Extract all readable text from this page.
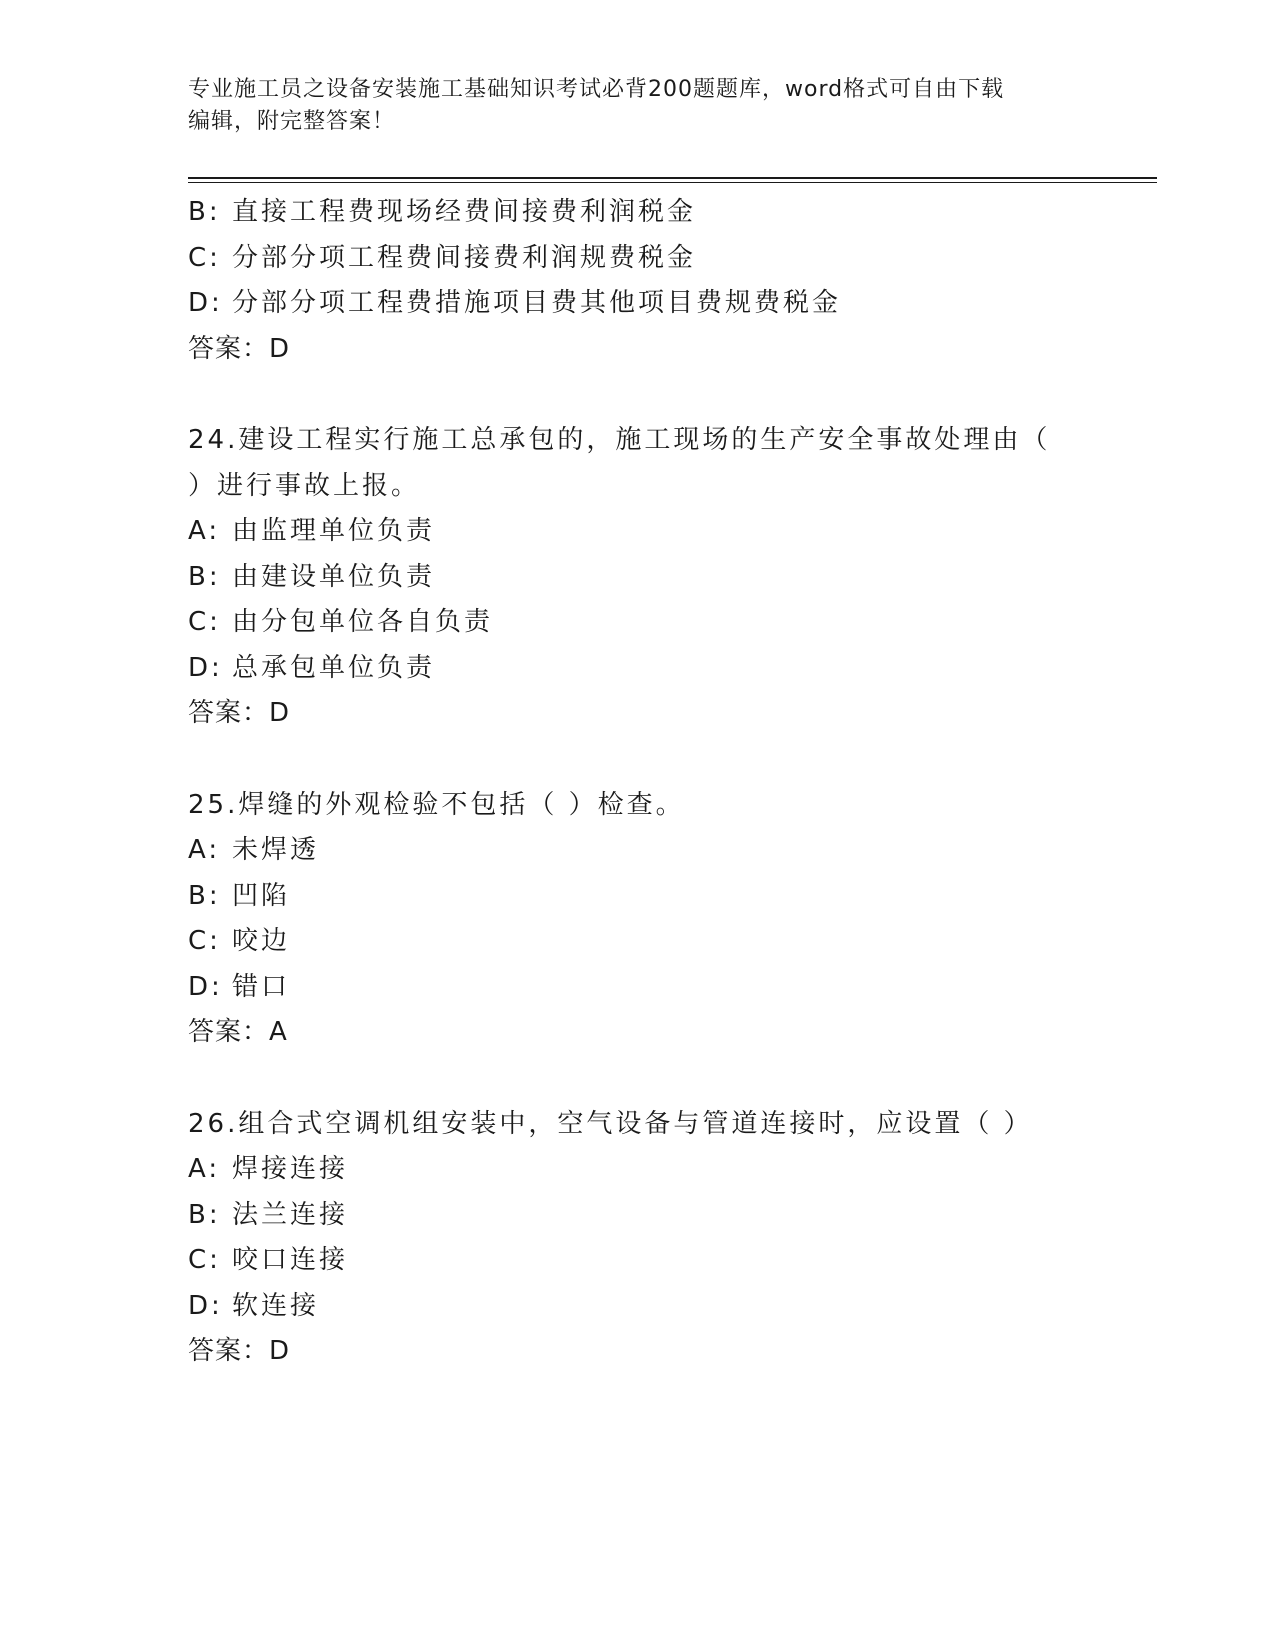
专业施工员之设备安装施工基础知识考试必背200题题库，word格式可自由下载
编辑，附完整答案！
B: 直接工程费现场经费间接费利润税金
C: 分部分项工程费间接费利润规费税金
D: 分部分项工程费措施项目费其他项目费规费税金
答案：D
24.建设工程实行施工总承包的，施工现场的生产安全事故处理由（
）进行事故上报。
A: 由监理单位负责
B: 由建设单位负责
C: 由分包单位各自负责
D: 总承包单位负责
答案：D
25.焊缝的外观检验不包括（ ）检查。
A: 未焊透
B: 凹陷
C: 咬边
D: 错口
答案：A
26.组合式空调机组安装中，空气设备与管道连接时，应设置（ ）
A: 焊接连接
B: 法兰连接
C: 咬口连接
D: 软连接
答案：D
